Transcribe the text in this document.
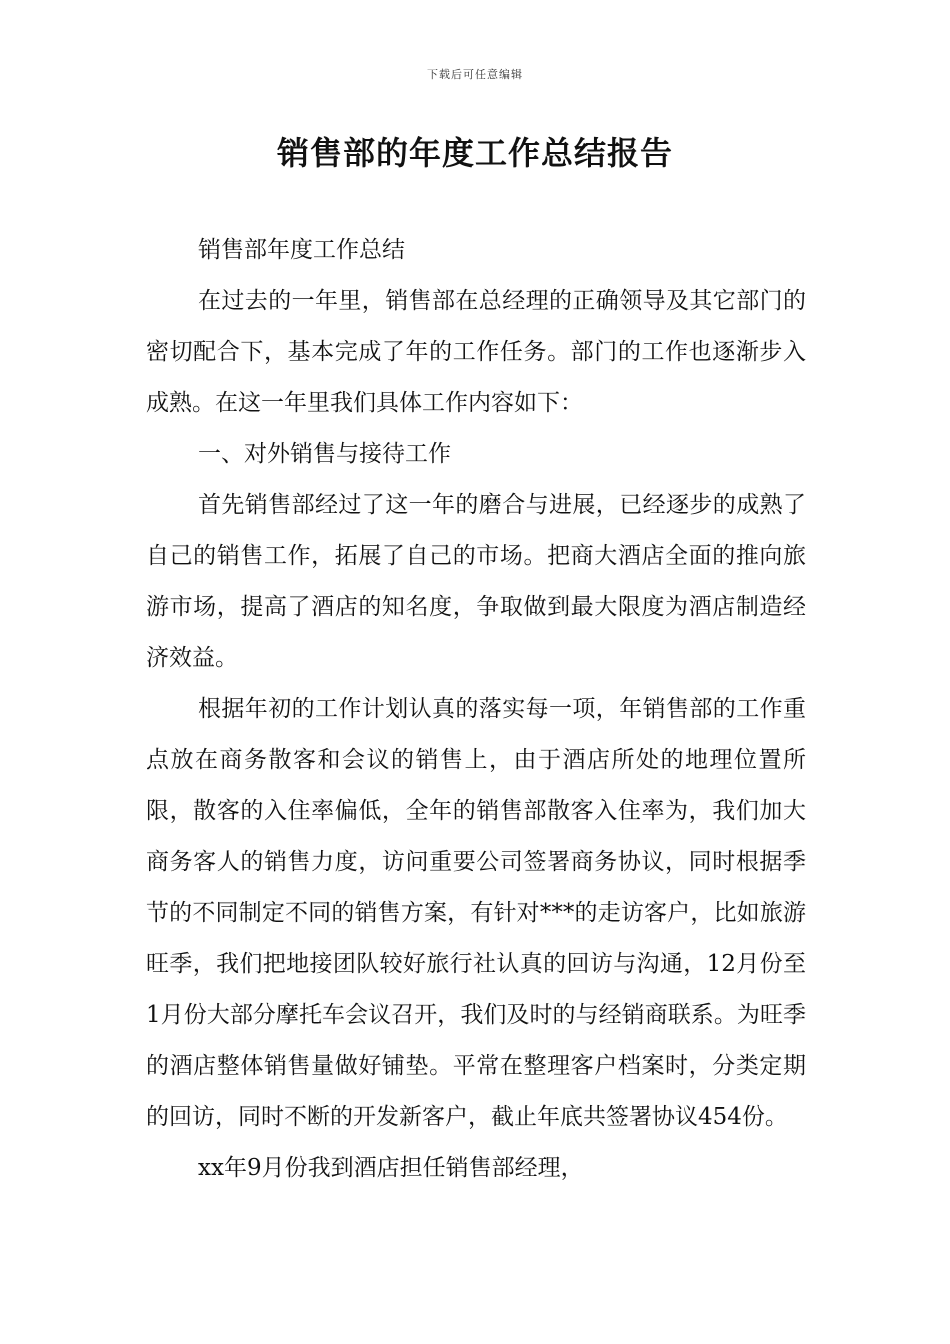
下载后可任意编辑
销售部的年度工作总结报告

销售部年度工作总结

在过去的一年里，销售部在总经理的正确领导及其它部门的密切配合下，基本完成了年的工作任务。部门的工作也逐渐步入成熟。在这一年里我们具体工作内容如下：

一、对外销售与接待工作

首先销售部经过了这一年的磨合与进展，已经逐步的成熟了自己的销售工作，拓展了自己的市场。把商大酒店全面的推向旅游市场，提高了酒店的知名度，争取做到最大限度为酒店制造经济效益。

根据年初的工作计划认真的落实每一项，年销售部的工作重点放在商务散客和会议的销售上，由于酒店所处的地理位置所限，散客的入住率偏低，全年的销售部散客入住率为，我们加大商务客人的销售力度，访问重要公司签署商务协议，同时根据季节的不同制定不同的销售方案，有针对***的走访客户，比如旅游旺季，我们把地接团队较好旅行社认真的回访与沟通，12月份至1月份大部分摩托车会议召开，我们及时的与经销商联系。为旺季的酒店整体销售量做好铺垫。平常在整理客户档案时，分类定期的回访，同时不断的开发新客户，截止年底共签署协议454份。

xx年9月份我到酒店担任销售部经理，
